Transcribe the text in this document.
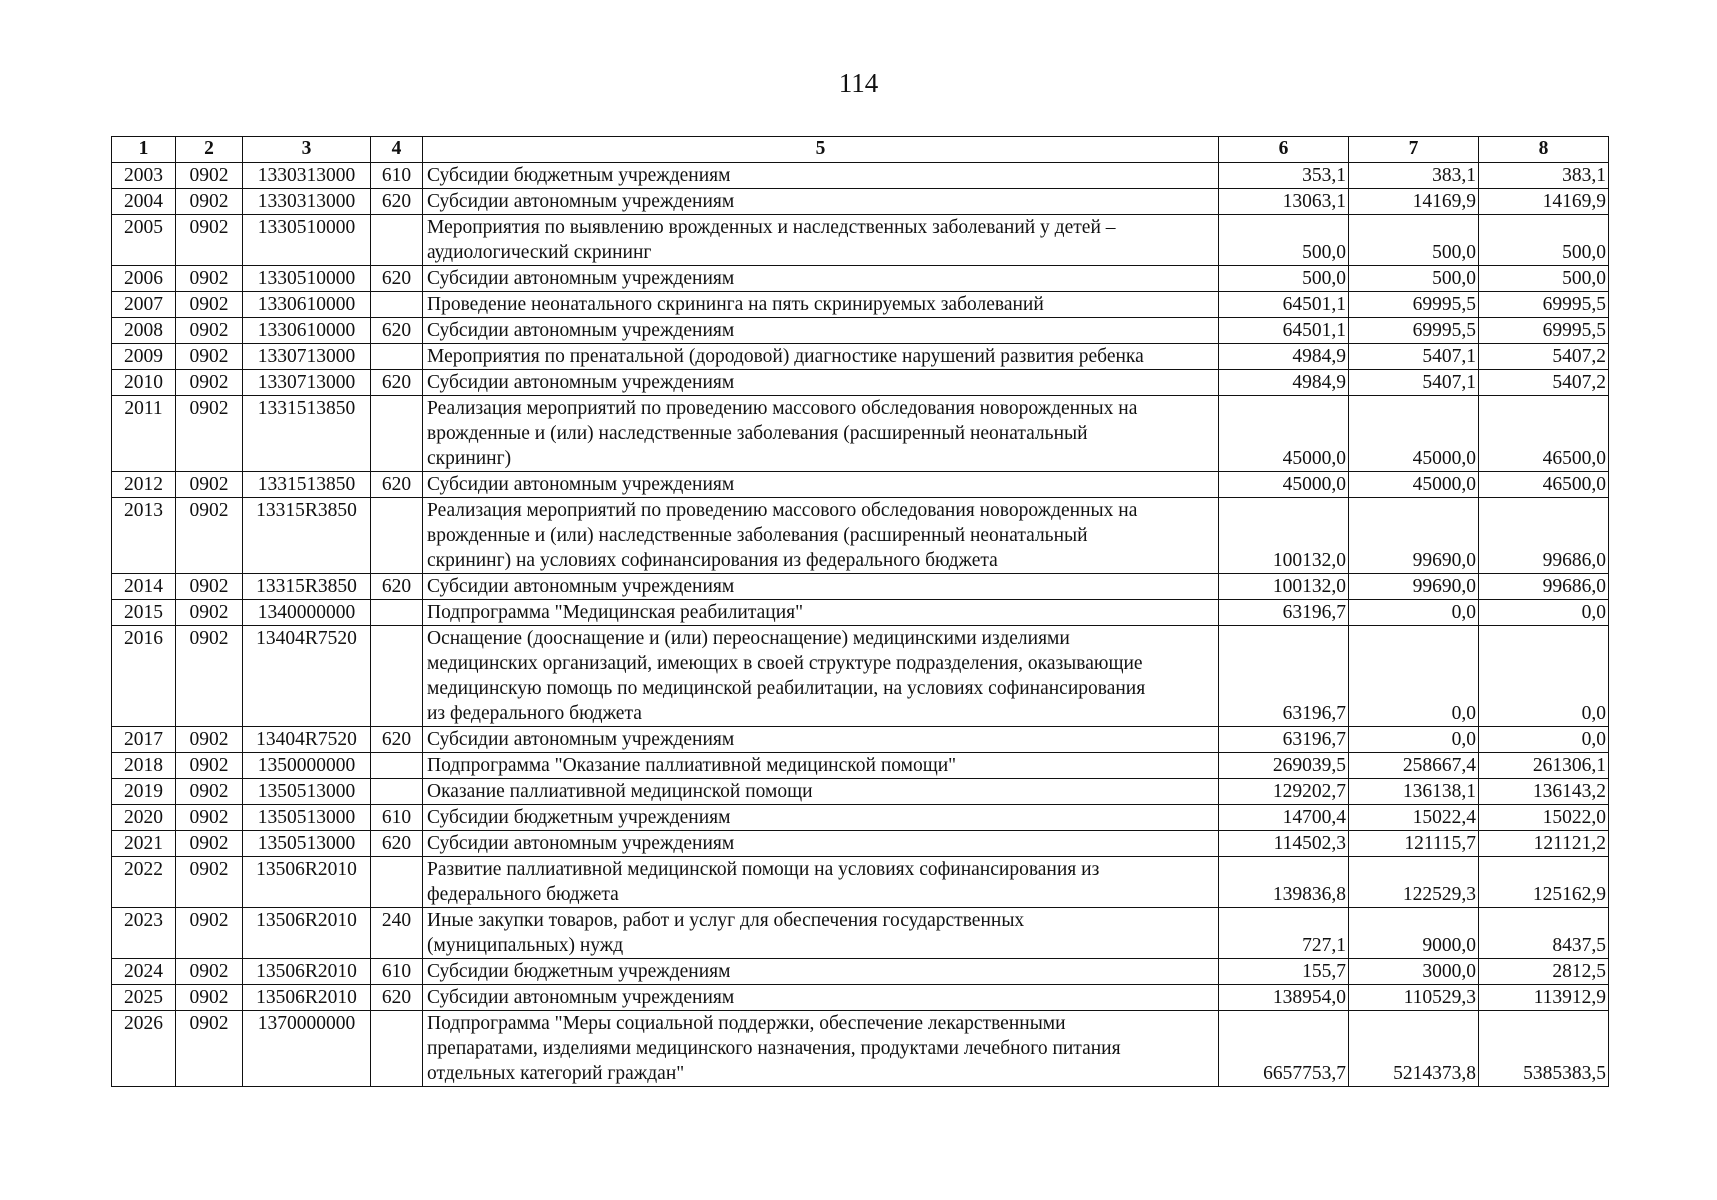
114
1	2	3	4	5	6	7	8
2003	0902	1330313000	610	Субсидии бюджетным учреждениям	353,1	383,1	383,1
2004	0902	1330313000	620	Субсидии автономным учреждениям	13063,1	14169,9	14169,9
2005	0902	1330510000		Мероприятия по выявлению врожденных и наследственных заболеваний у детей –
аудиологический скрининг	500,0	500,0	500,0
2006	0902	1330510000	620	Субсидии автономным учреждениям	500,0	500,0	500,0
2007	0902	1330610000		Проведение неонатального скрининга на пять скринируемых заболеваний	64501,1	69995,5	69995,5
2008	0902	1330610000	620	Субсидии автономным учреждениям	64501,1	69995,5	69995,5
2009	0902	1330713000		Мероприятия по пренатальной (дородовой) диагностике нарушений развития ребенка	4984,9	5407,1	5407,2
2010	0902	1330713000	620	Субсидии автономным учреждениям	4984,9	5407,1	5407,2
2011	0902	1331513850		Реализация мероприятий по проведению массового обследования новорожденных на
врожденные и (или) наследственные заболевания (расширенный неонатальный
скрининг)	45000,0	45000,0	46500,0
2012	0902	1331513850	620	Субсидии автономным учреждениям	45000,0	45000,0	46500,0
2013	0902	13315R3850		Реализация мероприятий по проведению массового обследования новорожденных на
врожденные и (или) наследственные заболевания (расширенный неонатальный
скрининг) на условиях софинансирования из федерального бюджета	100132,0	99690,0	99686,0
2014	0902	13315R3850	620	Субсидии автономным учреждениям	100132,0	99690,0	99686,0
2015	0902	1340000000		Подпрограмма "Медицинская реабилитация"	63196,7	0,0	0,0
2016	0902	13404R7520		Оснащение (дооснащение и (или) переоснащение) медицинскими изделиями
медицинских организаций, имеющих в своей структуре подразделения, оказывающие
медицинскую помощь по медицинской реабилитации, на условиях софинансирования
из федерального бюджета	63196,7	0,0	0,0
2017	0902	13404R7520	620	Субсидии автономным учреждениям	63196,7	0,0	0,0
2018	0902	1350000000		Подпрограмма "Оказание паллиативной медицинской помощи"	269039,5	258667,4	261306,1
2019	0902	1350513000		Оказание паллиативной медицинской помощи	129202,7	136138,1	136143,2
2020	0902	1350513000	610	Субсидии бюджетным учреждениям	14700,4	15022,4	15022,0
2021	0902	1350513000	620	Субсидии автономным учреждениям	114502,3	121115,7	121121,2
2022	0902	13506R2010		Развитие паллиативной медицинской помощи на условиях софинансирования из
федерального бюджета	139836,8	122529,3	125162,9
2023	0902	13506R2010	240	Иные закупки товаров, работ и услуг для обеспечения государственных
(муниципальных) нужд	727,1	9000,0	8437,5
2024	0902	13506R2010	610	Субсидии бюджетным учреждениям	155,7	3000,0	2812,5
2025	0902	13506R2010	620	Субсидии автономным учреждениям	138954,0	110529,3	113912,9
2026	0902	1370000000		Подпрограмма "Меры социальной поддержки, обеспечение лекарственными
препаратами, изделиями медицинского назначения, продуктами лечебного питания
отдельных категорий граждан"	6657753,7	5214373,8	5385383,5
